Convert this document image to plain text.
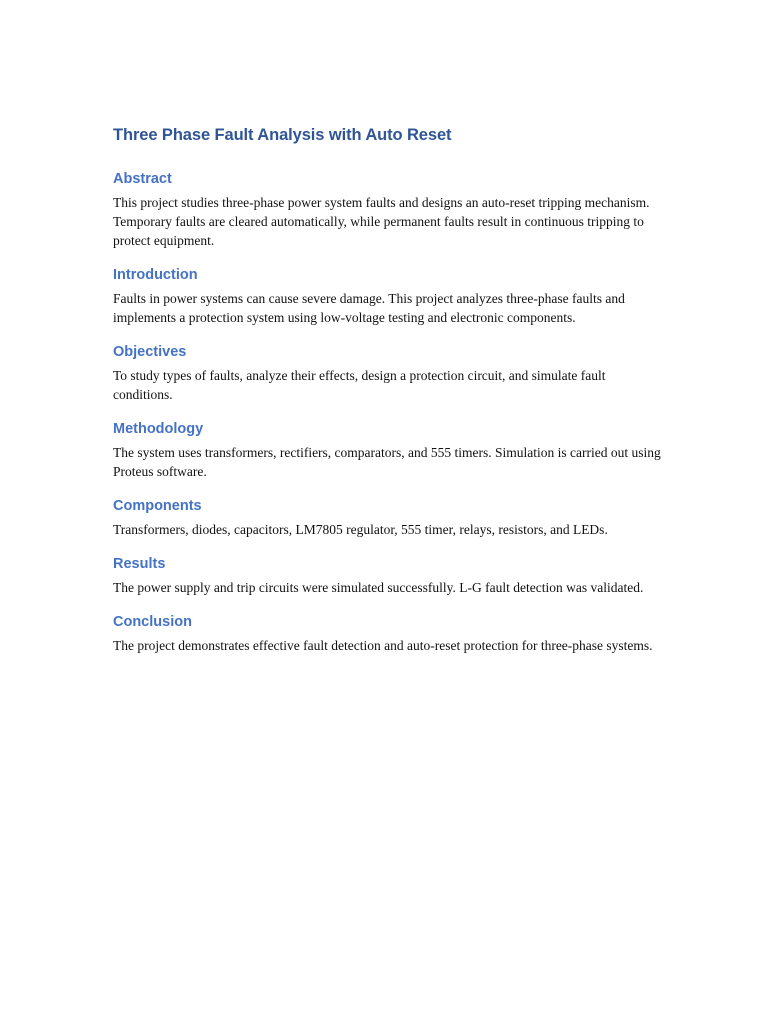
Three Phase Fault Analysis with Auto Reset
Abstract

This project studies three-phase power system faults and designs an auto-reset tripping mechanism. Temporary faults are cleared automatically, while permanent faults result in continuous tripping to protect equipment.

Introduction

Faults in power systems can cause severe damage. This project analyzes three-phase faults and implements a protection system using low-voltage testing and electronic components.

Objectives

To study types of faults, analyze their effects, design a protection circuit, and simulate fault conditions.

Methodology

The system uses transformers, rectifiers, comparators, and 555 timers. Simulation is carried out using Proteus software.

Components

Transformers, diodes, capacitors, LM7805 regulator, 555 timer, relays, resistors, and LEDs.

Results

The power supply and trip circuits were simulated successfully. L-G fault detection was validated.

Conclusion

The project demonstrates effective fault detection and auto-reset protection for three-phase systems.
